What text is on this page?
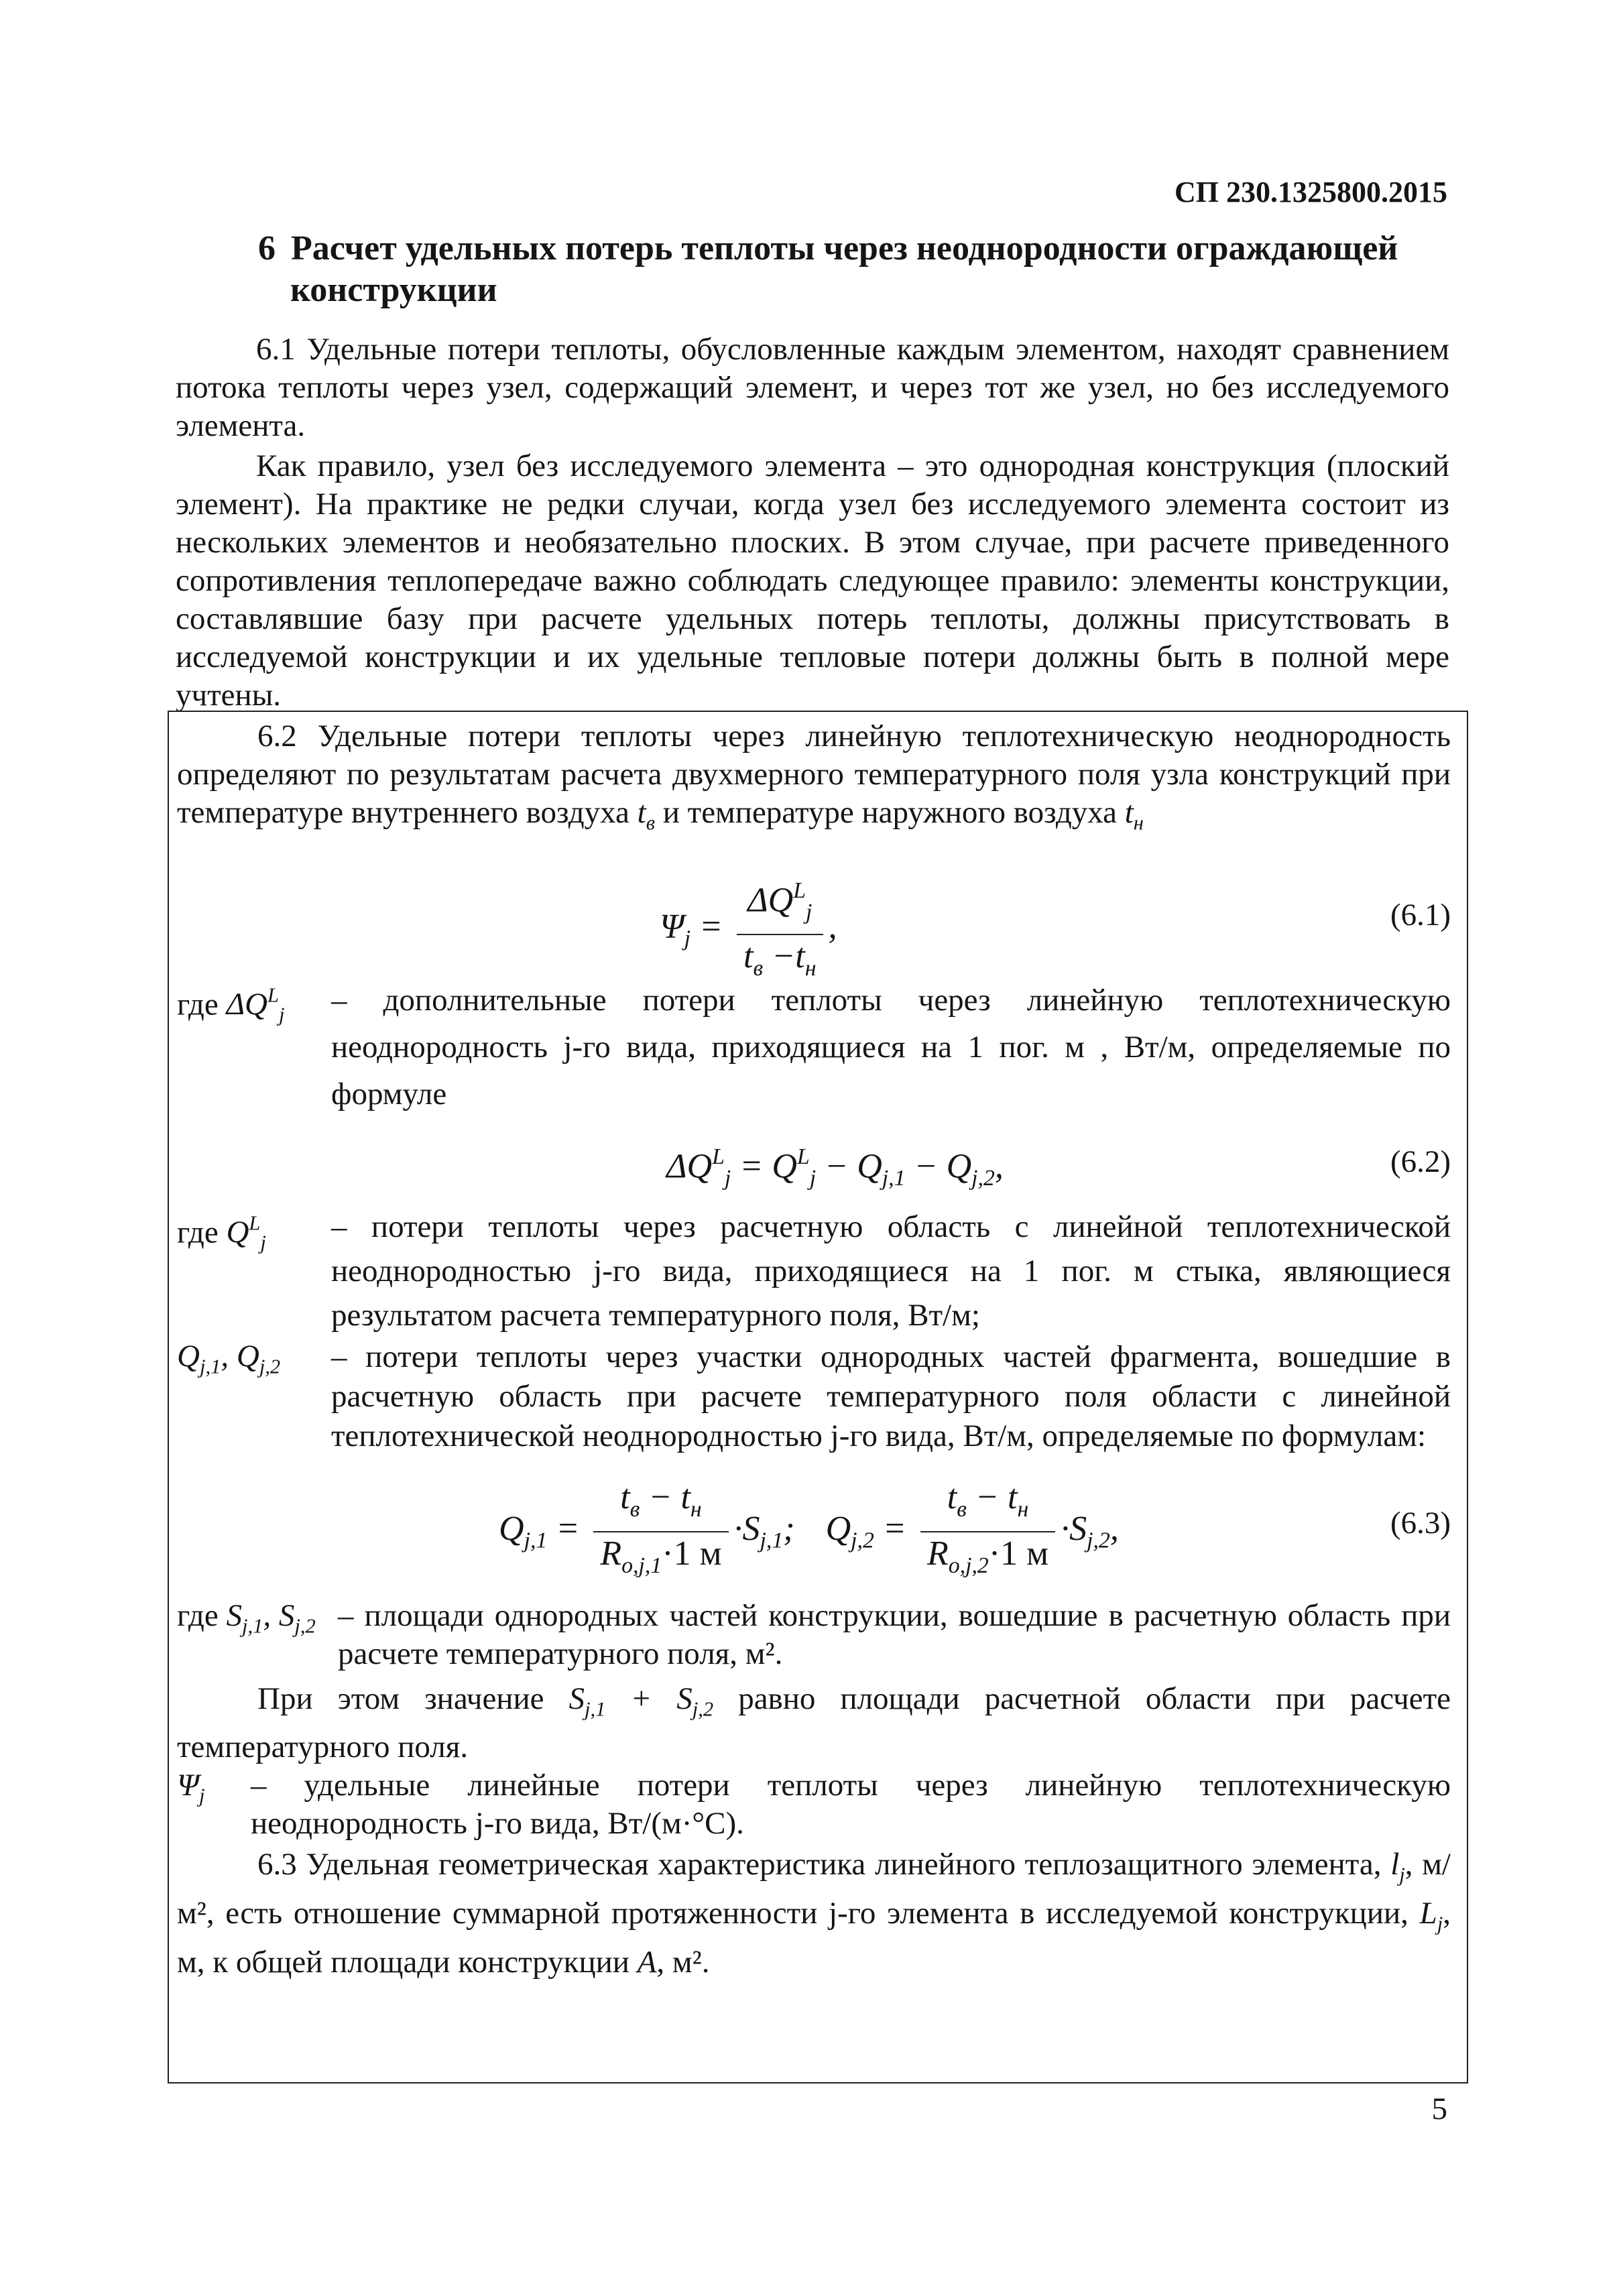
СП 230.1325800.2015
6 Расчет удельных потерь теплоты через неоднородности ограждающей
конструкции

6.1 Удельные потери теплоты, обусловленные каждым элементом, находят сравнением потока теплоты через узел, содержащий элемент, и через тот же узел, но без исследуемого элемента.

Как правило, узел без исследуемого элемента – это однородная конструкция (плоский элемент). На практике не редки случаи, когда узел без исследуемого элемента состоит из нескольких элементов и необязательно плоских. В этом случае, при расчете приведенного сопротивления теплопередаче важно соблюдать следующее правило: элементы конструкции, составлявшие базу при расчете удельных потерь теплоты, должны присутствовать в исследуемой конструкции и их удельные тепловые потери должны быть в полной мере учтены.

6.2 Удельные потери теплоты через линейную теплотехническую неоднородность определяют по результатам расчета двухмерного температурного поля узла конструкций при температуре внутреннего воздуха $t_в$ и температуре наружного воздуха $t_н$

$\Psi_j = \frac{\Delta Q^L_j}{t_в -t_н}$ ,	(6.1)
где $\Delta Q^L_j$	– дополнительные потери теплоты через линейную теплотехническую неоднородность j-го вида, приходящиеся на 1 пог. м , Вт/м, определяемые по формуле
$\Delta Q^L_j = Q^L_j - Q_{j,1} - Q_{j,2}$,	(6.2)
где $Q^L_j$	– потери теплоты через расчетную область с линейной теплотехнической неоднородностью j-го вида, приходящиеся на 1 пог. м стыка, являющиеся результатом расчета температурного поля, Вт/м;
$Q_{j,1}$, $Q_{j,2}$	– потери теплоты через участки однородных частей фрагмента, вошедшие в расчетную область при расчете температурного поля области с линейной теплотехнической неоднородностью j-го вида, Вт/м, определяемые по формулам:
$Q_{j,1} = \frac{t_в - t_н}{R_{o,j,1}\cdot 1 м} \cdot S_{j,1}$;  $Q_{j,2} = \frac{t_в - t_н}{R_{o,j,2}\cdot 1 м} \cdot S_{j,2}$,	(6.3)
где $S_{j,1}$, $S_{j,2}$ – площади однородных частей конструкции, вошедшие в расчетную область при расчете температурного поля, м².

При этом значение $S_{j,1} + S_{j,2}$ равно площади расчетной области при расчете температурного поля.

$\Psi_j$	– удельные линейные потери теплоты через линейную теплотехническую неоднородность j-го вида, Вт/(м·°С).

6.3 Удельная геометрическая характеристика линейного теплозащитного элемента, $l_j$, м/м², есть отношение суммарной протяженности j-го элемента в исследуемой конструкции, $L_j$, м, к общей площади конструкции A, м².

5
